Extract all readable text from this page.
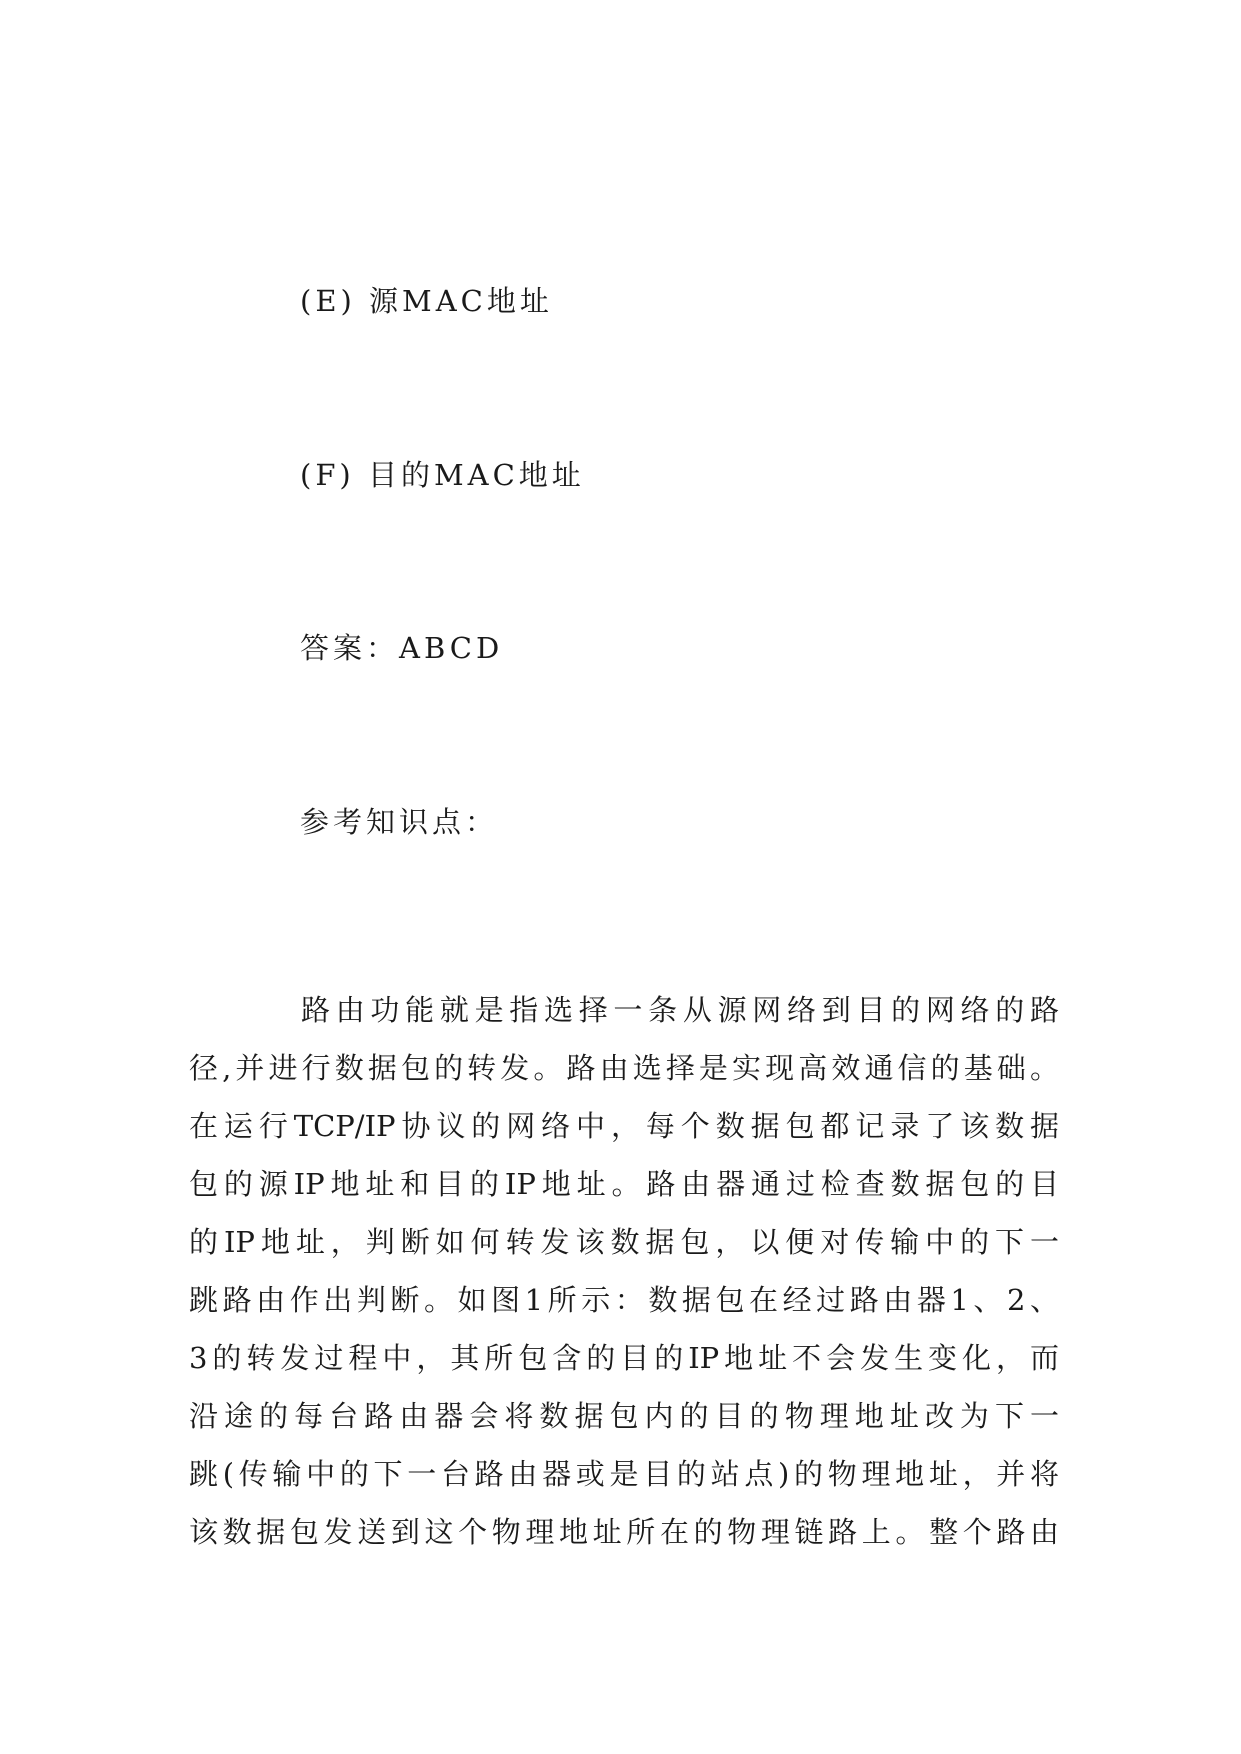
(E) 源MAC地址
(F) 目的MAC地址
答案：ABCD
参考知识点：
路由功能就是指选择一条从源网络到目的网络的路
径,并进行数据包的转发。路由选择是实现高效通信的基础。
在运行TCP/IP协议的网络中，每个数据包都记录了该数据
包的源IP地址和目的IP地址。路由器通过检查数据包的目
的IP地址，判断如何转发该数据包，以便对传输中的下一
跳路由作出判断。如图1所示：数据包在经过路由器1、2、
3的转发过程中，其所包含的目的IP地址不会发生变化，而
沿途的每台路由器会将数据包内的目的物理地址改为下一
跳(传输中的下一台路由器或是目的站点)的物理地址，并将
该数据包发送到这个物理地址所在的物理链路上。整个路由
